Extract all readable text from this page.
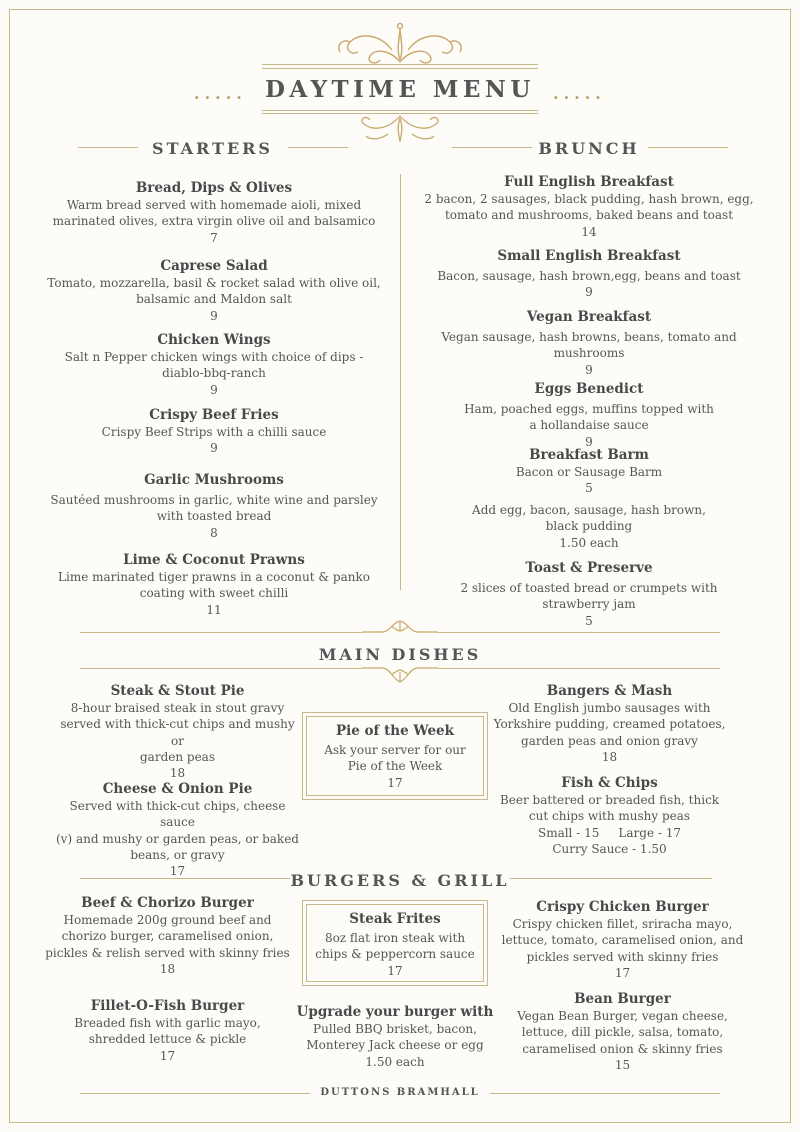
.....	.....
DAYTIME MENU
STARTERS	BRUNCH
Bread, Dips & Olives
Warm bread served with homemade aioli, mixed
marinated olives, extra virgin olive oil and balsamico
7
Caprese Salad
Tomato, mozzarella, basil & rocket salad with olive oil,
balsamic and Maldon salt
9
Chicken Wings
Salt n Pepper chicken wings with choice of dips -
diablo-bbq-ranch
9
Crispy Beef Fries
Crispy Beef Strips with a chilli sauce
9
Garlic Mushrooms
Sautéed mushrooms in garlic, white wine and parsley
with toasted bread
8
Lime & Coconut Prawns
Lime marinated tiger prawns in a coconut & panko
coating with sweet chilli
11
Full English Breakfast
2 bacon, 2 sausages, black pudding, hash brown, egg,
tomato and mushrooms, baked beans and toast
14
Small English Breakfast
Bacon, sausage, hash brown,egg, beans and toast
9
Vegan Breakfast
Vegan sausage, hash browns, beans, tomato and
mushrooms
9
Eggs Benedict
Ham, poached eggs, muffins topped with
a hollandaise sauce
9
Breakfast Barm
Bacon or Sausage Barm
5
Add egg, bacon, sausage, hash brown,
black pudding
1.50 each
Toast & Preserve
2 slices of toasted bread or crumpets with
strawberry jam
5
MAIN DISHES
Steak & Stout Pie
8-hour braised steak in stout gravy
served with thick-cut chips and mushy or
garden peas
18
Cheese & Onion Pie
Served with thick-cut chips, cheese sauce
(v) and mushy or garden peas, or baked
beans, or gravy
17
Pie of the Week
Ask your server for our
Pie of the Week
17
Bangers & Mash
Old English jumbo sausages with
Yorkshire pudding, creamed potatoes,
garden peas and onion gravy
18
Fish & Chips
Beer battered or breaded fish, thick
cut chips with mushy peas
Small - 15     Large - 17
Curry Sauce - 1.50
BURGERS & GRILL
Beef & Chorizo Burger
Homemade 200g ground beef and
chorizo burger, caramelised onion,
pickles & relish served with skinny fries
18
Fillet-O-Fish Burger
Breaded fish with garlic mayo,
shredded lettuce & pickle
17
Steak Frites
8oz flat iron steak with
chips & peppercorn sauce
17
Upgrade your burger with
Pulled BBQ brisket, bacon,
Monterey Jack cheese or egg
1.50 each
Crispy Chicken Burger
Crispy chicken fillet, sriracha mayo,
lettuce, tomato, caramelised onion, and
pickles served with skinny fries
17
Bean Burger
Vegan Bean Burger, vegan cheese,
lettuce, dill pickle, salsa, tomato,
caramelised onion & skinny fries
15
DUTTONS BRAMHALL
